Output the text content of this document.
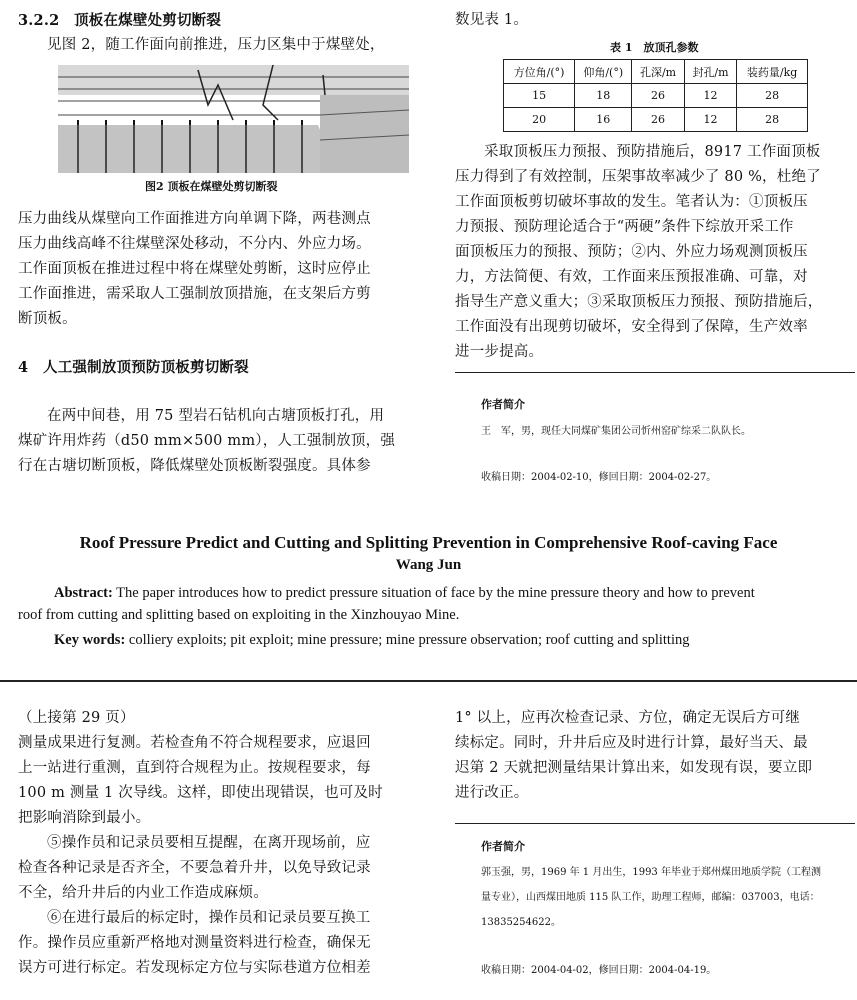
3.2.2　顶板在煤壁处剪切断裂

见图 2，随工作面向前推进，压力区集中于煤壁处，

图2 顶板在煤壁处剪切断裂

压力曲线从煤壁向工作面推进方向单调下降，两巷测点

压力曲线高峰不往煤壁深处移动，不分内、外应力场。

工作面顶板在推进过程中将在煤壁处剪断，这时应停止

工作面推进，需采取人工强制放顶措施，在支架后方剪

断顶板。

4　人工强制放顶预防顶板剪切断裂

在两中间巷，用 75 型岩石钻机向古塘顶板打孔，用

煤矿许用炸药（d50 mm×500 mm），人工强制放顶，强

行在古塘切断顶板，降低煤壁处顶板断裂强度。具体参

数见表 1。

表 1　放顶孔参数
方位角/(°)	仰角/(°)	孔深/m	封孔/m	装药量/kg
15	18	26	12	28
20	16	26	12	28

采取顶板压力预报、预防措施后，8917 工作面顶板

压力得到了有效控制，压架事故率减少了 80 %，杜绝了

工作面顶板剪切破坏事故的发生。笔者认为：①顶板压

力预报、预防理论适合于“两硬”条件下综放开采工作

面顶板压力的预报、预防；②内、外应力场观测顶板压

力，方法简便、有效，工作面来压预报准确、可靠，对

指导生产意义重大；③采取顶板压力预报、预防措施后，

工作面没有出现剪切破坏，安全得到了保障，生产效率

进一步提高。

作者简介
王　军，男，现任大同煤矿集团公司忻州窑矿综采二队队长。
收稿日期：2004-02-10，修回日期：2004-02-27。
Roof Pressure Predict and Cutting and Splitting Prevention in Comprehensive Roof-caving Face
Wang Jun
Abstract: The paper introduces how to predict pressure situation of face by the mine pressure theory and how to prevent
roof from cutting and splitting based on exploiting in the Xinzhouyao Mine.
Key words: colliery exploits; pit exploit; mine pressure; mine pressure observation; roof cutting and splitting

（上接第 29 页）

测量成果进行复测。若检查角不符合规程要求，应退回

上一站进行重测，直到符合规程为止。按规程要求，每

100 m 测量 1 次导线。这样，即使出现错误，也可及时

把影响消除到最小。

⑤操作员和记录员要相互提醒，在离开现场前，应

检查各种记录是否齐全，不要急着升井，以免导致记录

不全，给升井后的内业工作造成麻烦。

⑥在进行最后的标定时，操作员和记录员要互换工

作。操作员应重新严格地对测量资料进行检查，确保无

误方可进行标定。若发现标定方位与实际巷道方位相差

1° 以上，应再次检查记录、方位，确定无误后方可继

续标定。同时，升井后应及时进行计算，最好当天、最

迟第 2 天就把测量结果计算出来，如发现有误，要立即

进行改正。

作者简介
郭玉强，男，1969 年 1 月出生，1993 年毕业于郑州煤田地质学院（工程测
量专业），山西煤田地质 115 队工作，助理工程师，邮编：037003，电话：
13835254622。
收稿日期：2004-04-02，修回日期：2004-04-19。
